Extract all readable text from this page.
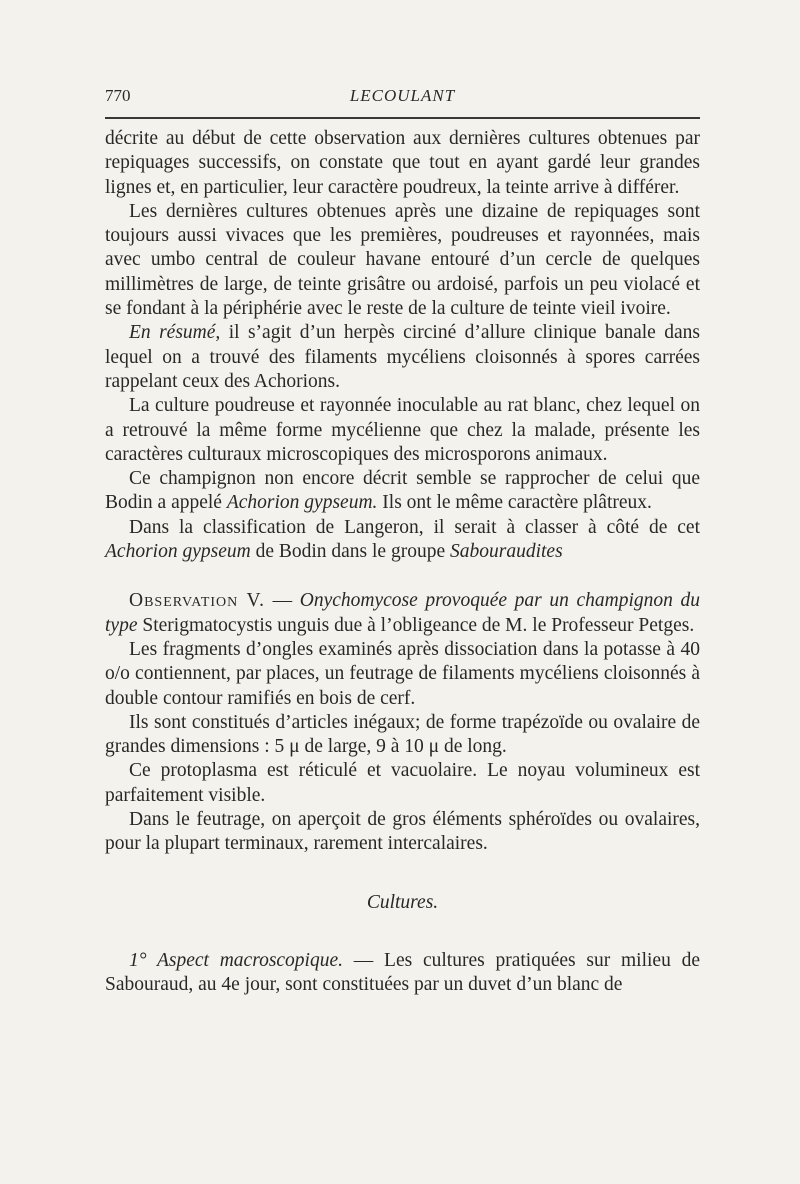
770	LECOULANT

décrite au début de cette observation aux dernières cultures obtenues par repiquages successifs, on constate que tout en ayant gardé leur grandes lignes et, en particulier, leur caractère poudreux, la teinte arrive à différer.

Les dernières cultures obtenues après une dizaine de repiquages sont toujours aussi vivaces que les premières, poudreuses et rayonnées, mais avec umbo central de couleur havane entouré d’un cercle de quelques millimètres de large, de teinte grisâtre ou ardoisé, parfois un peu violacé et se fondant à la périphérie avec le reste de la culture de teinte vieil ivoire.

En résumé, il s’agit d’un herpès circiné d’allure clinique banale dans lequel on a trouvé des filaments mycéliens cloisonnés à spores carrées rappelant ceux des Achorions.

La culture poudreuse et rayonnée inoculable au rat blanc, chez lequel on a retrouvé la même forme mycélienne que chez la malade, présente les caractères culturaux microscopiques des microsporons animaux.

Ce champignon non encore décrit semble se rapprocher de celui que Bodin a appelé Achorion gypseum. Ils ont le même caractère plâtreux.

Dans la classification de Langeron, il serait à classer à côté de cet Achorion gypseum de Bodin dans le groupe Sabouraudites

Observation V. — Onychomycose provoquée par un champignon du type Sterigmatocystis unguis due à l’obligeance de M. le Professeur Petges.

Les fragments d’ongles examinés après dissociation dans la potasse à 40 o/o contiennent, par places, un feutrage de filaments mycéliens cloisonnés à double contour ramifiés en bois de cerf.

Ils sont constitués d’articles inégaux; de forme trapézoïde ou ovalaire de grandes dimensions : 5 μ de large, 9 à 10 μ de long.

Ce protoplasma est réticulé et vacuolaire. Le noyau volumineux est parfaitement visible.

Dans le feutrage, on aperçoit de gros éléments sphéroïdes ou ovalaires, pour la plupart terminaux, rarement intercalaires.

Cultures.

1° Aspect macroscopique. — Les cultures pratiquées sur milieu de Sabouraud, au 4e jour, sont constituées par un duvet d’un blanc de
